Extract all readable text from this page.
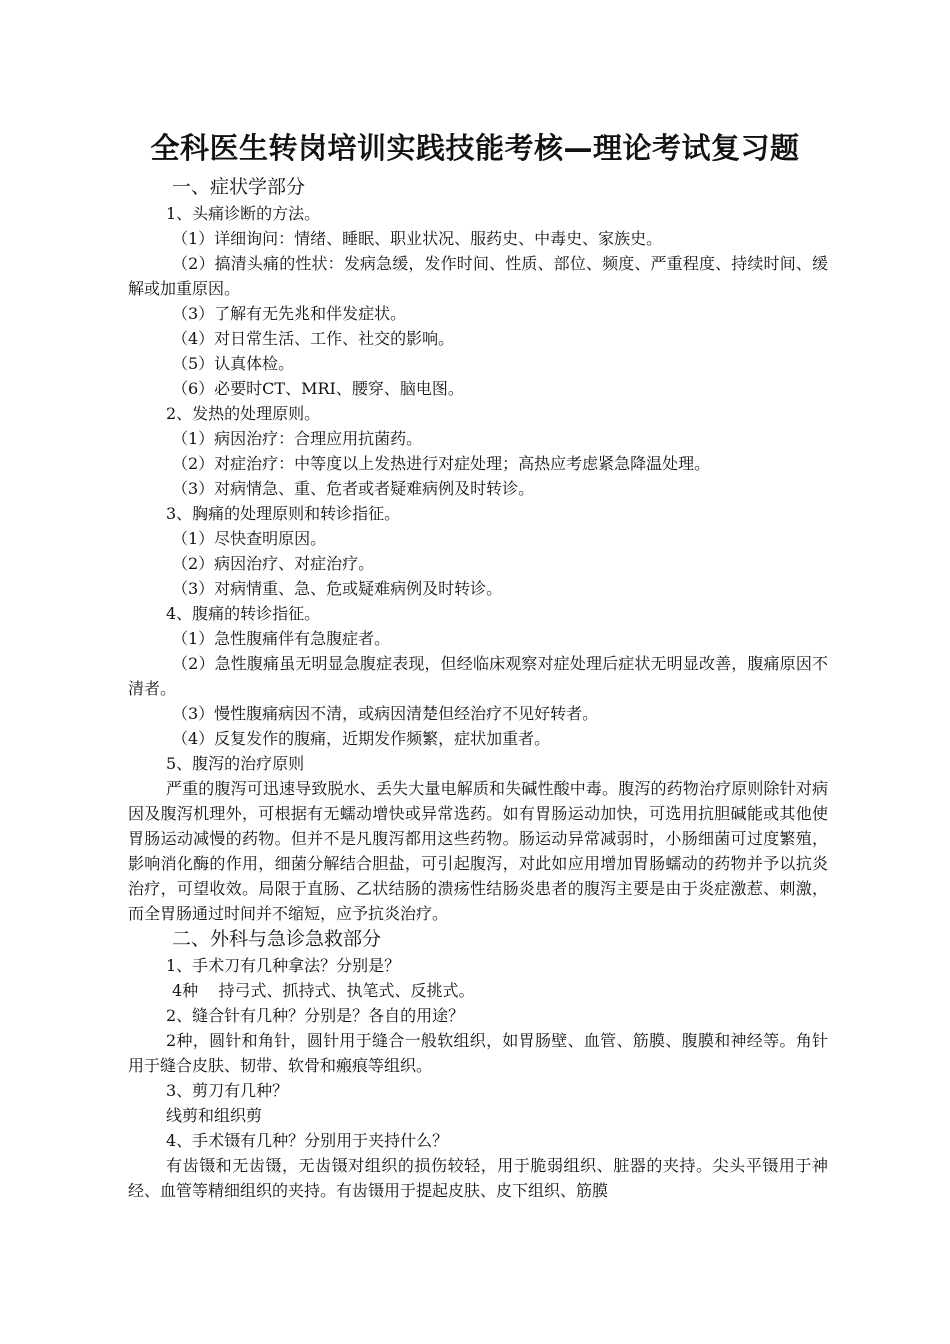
全科医生转岗培训实践技能考核—理论考试复习题

一、症状学部分

1、头痛诊断的方法。

（1）详细询问：情绪、睡眠、职业状况、服药史、中毒史、家族史。

（2）搞清头痛的性状：发病急缓，发作时间、性质、部位、频度、严重程度、持续时间、缓解或加重原因。

（3）了解有无先兆和伴发症状。

（4）对日常生活、工作、社交的影响。

（5）认真体检。

（6）必要时CT、MRI、腰穿、脑电图。

2、发热的处理原则。

（1）病因治疗：合理应用抗菌药。

（2）对症治疗：中等度以上发热进行对症处理；高热应考虑紧急降温处理。

（3）对病情急、重、危者或者疑难病例及时转诊。

3、胸痛的处理原则和转诊指征。

（1）尽快查明原因。

（2）病因治疗、对症治疗。

（3）对病情重、急、危或疑难病例及时转诊。

4、腹痛的转诊指征。

（1）急性腹痛伴有急腹症者。

（2）急性腹痛虽无明显急腹症表现，但经临床观察对症处理后症状无明显改善，腹痛原因不清者。

（3）慢性腹痛病因不清，或病因清楚但经治疗不见好转者。

（4）反复发作的腹痛，近期发作频繁，症状加重者。

5、腹泻的治疗原则

严重的腹泻可迅速导致脱水、丢失大量电解质和失碱性酸中毒。腹泻的药物治疗原则除针对病因及腹泻机理外，可根据有无蠕动增快或异常选药。如有胃肠运动加快，可选用抗胆碱能或其他使胃肠运动减慢的药物。但并不是凡腹泻都用这些药物。肠运动异常减弱时，小肠细菌可过度繁殖，影响消化酶的作用，细菌分解结合胆盐，可引起腹泻，对此如应用增加胃肠蠕动的药物并予以抗炎治疗，可望收效。局限于直肠、乙状结肠的溃疡性结肠炎患者的腹泻主要是由于炎症激惹、刺激，而全胃肠通过时间并不缩短，应予抗炎治疗。

二、外科与急诊急救部分

1、手术刀有几种拿法？分别是？

4种    持弓式、抓持式、执笔式、反挑式。

2、缝合针有几种？分别是？各自的用途？

2种，圆针和角针，圆针用于缝合一般软组织，如胃肠壁、血管、筋膜、腹膜和神经等。角针用于缝合皮肤、韧带、软骨和瘢痕等组织。

3、剪刀有几种？

线剪和组织剪

4、手术镊有几种？分别用于夹持什么？

有齿镊和无齿镊，无齿镊对组织的损伤较轻，用于脆弱组织、脏器的夹持。尖头平镊用于神经、血管等精细组织的夹持。有齿镊用于提起皮肤、皮下组织、筋膜
